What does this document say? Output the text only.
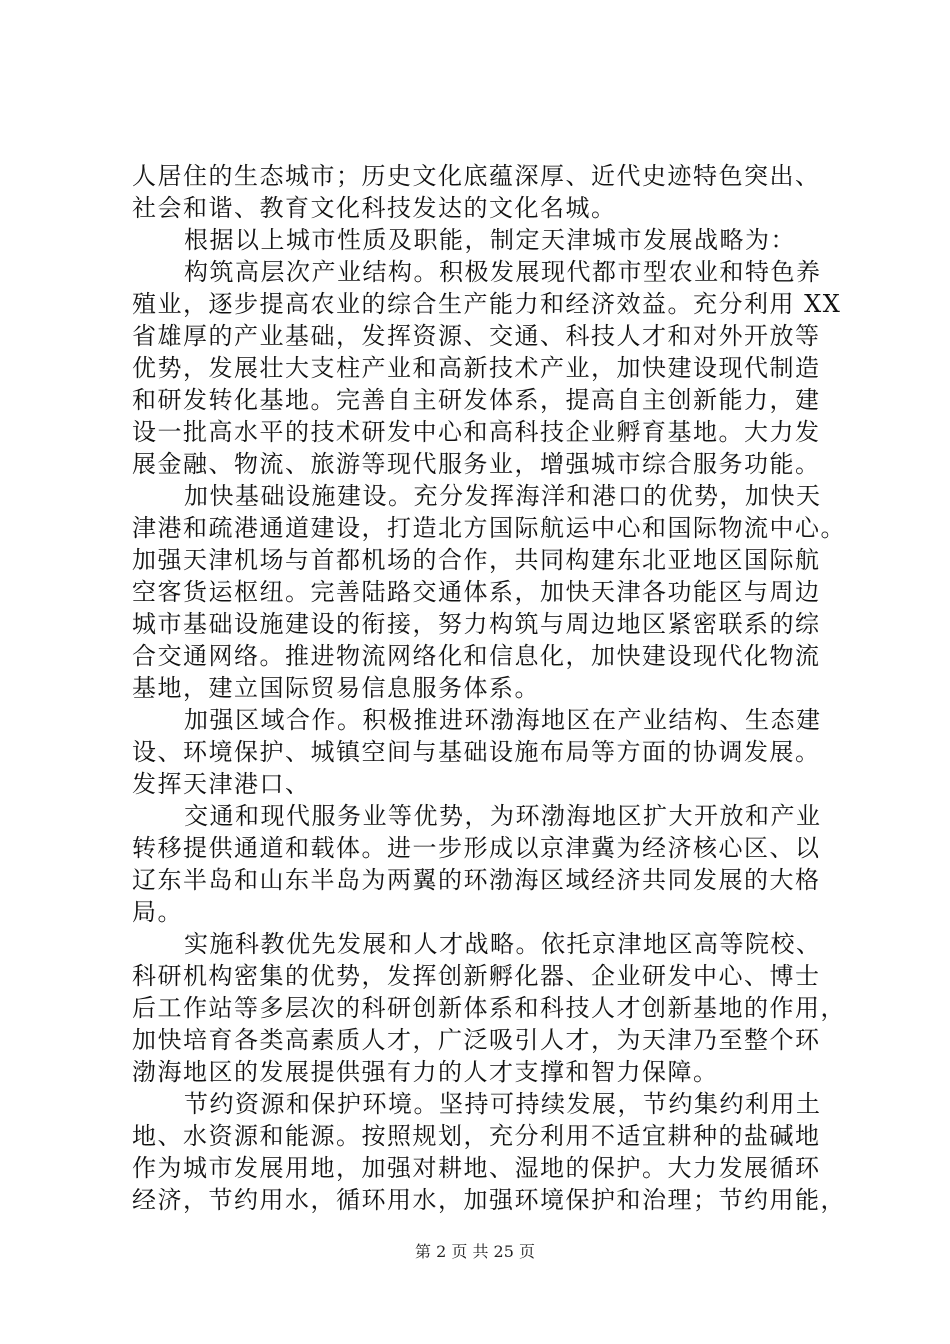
人居住的生态城市；历史文化底蕴深厚、近代史迹特色突出、
社会和谐、教育文化科技发达的文化名城。
根据以上城市性质及职能，制定天津城市发展战略为：
构筑高层次产业结构。积极发展现代都市型农业和特色养
殖业，逐步提高农业的综合生产能力和经济效益。充分利用 XX
省雄厚的产业基础，发挥资源、交通、科技人才和对外开放等
优势，发展壮大支柱产业和高新技术产业，加快建设现代制造
和研发转化基地。完善自主研发体系，提高自主创新能力，建
设一批高水平的技术研发中心和高科技企业孵育基地。大力发
展金融、物流、旅游等现代服务业，增强城市综合服务功能。
加快基础设施建设。充分发挥海洋和港口的优势，加快天
津港和疏港通道建设，打造北方国际航运中心和国际物流中心。
加强天津机场与首都机场的合作，共同构建东北亚地区国际航
空客货运枢纽。完善陆路交通体系，加快天津各功能区与周边
城市基础设施建设的衔接，努力构筑与周边地区紧密联系的综
合交通网络。推进物流网络化和信息化，加快建设现代化物流
基地，建立国际贸易信息服务体系。
加强区域合作。积极推进环渤海地区在产业结构、生态建
设、环境保护、城镇空间与基础设施布局等方面的协调发展。
发挥天津港口、
交通和现代服务业等优势，为环渤海地区扩大开放和产业
转移提供通道和载体。进一步形成以京津冀为经济核心区、以
辽东半岛和山东半岛为两翼的环渤海区域经济共同发展的大格
局。
实施科教优先发展和人才战略。依托京津地区高等院校、
科研机构密集的优势，发挥创新孵化器、企业研发中心、博士
后工作站等多层次的科研创新体系和科技人才创新基地的作用，
加快培育各类高素质人才，广泛吸引人才，为天津乃至整个环
渤海地区的发展提供强有力的人才支撑和智力保障。
节约资源和保护环境。坚持可持续发展，节约集约利用土
地、水资源和能源。按照规划，充分利用不适宜耕种的盐碱地
作为城市发展用地，加强对耕地、湿地的保护。大力发展循环
经济，节约用水，循环用水，加强环境保护和治理；节约用能，
第 2 页 共 25 页
